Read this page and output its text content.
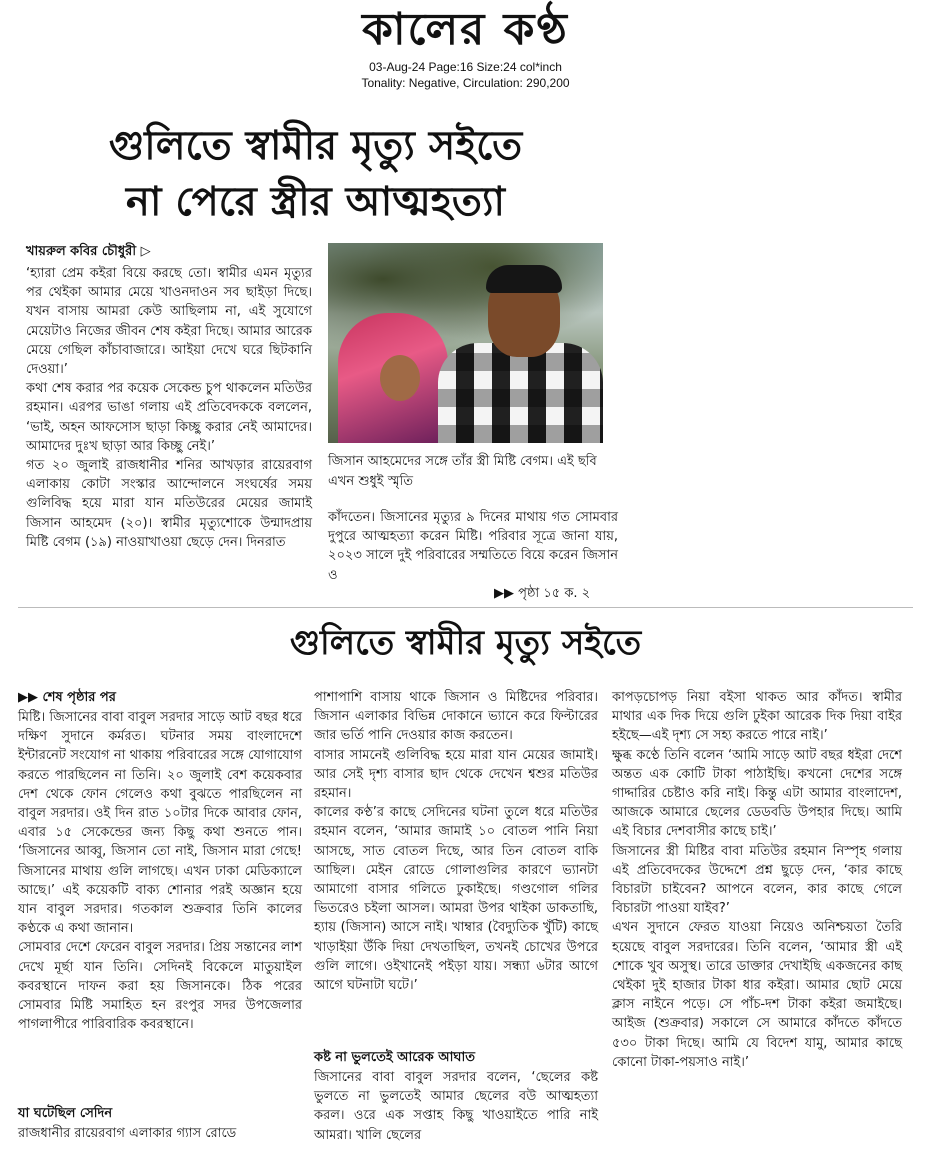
কালের কণ্ঠ
03-Aug-24 Page:16 Size:24 col*inch
Tonality: Negative, Circulation: 290,200
গুলিতে স্বামীর মৃত্যু সইতে
না পেরে স্ত্রীর আত্মহত্যা
খায়রুল কবির চৌধুরী ▷

‘হ্যারা প্রেম কইরা বিয়ে করছে তো। স্বামীর এমন মৃত্যুর পর থেইকা আমার মেয়ে খাওনদাওন সব ছাইড়া দিছে। যখন বাসায় আমরা কেউ আছিলাম না, এই সুযোগে মেয়েটাও নিজের জীবন শেষ কইরা দিছে। আমার আরেক মেয়ে গেছিল কাঁচাবাজারে। আইয়া দেখে ঘরে ছিটকানি দেওয়া।’

কথা শেষ করার পর কয়েক সেকেন্ড চুপ থাকলেন মতিউর রহমান। এরপর ভাঙা গলায় এই প্রতিবেদককে বললেন, ‘ভাই, অহন আফসোস ছাড়া কিচ্ছু করার নেই আমাদের। আমাদের দুঃখ ছাড়া আর কিচ্ছু নেই।’

গত ২০ জুলাই রাজধানীর শনির আখড়ার রায়েরবাগ এলাকায় কোটা সংস্কার আন্দোলনে সংঘর্ষের সময় গুলিবিদ্ধ হয়ে মারা যান মতিউরের মেয়ের জামাই জিসান আহমেদ (২০)। স্বামীর মৃত্যুশোকে উন্মাদপ্রায় মিষ্টি বেগম (১৯) নাওয়াখাওয়া ছেড়ে দেন। দিনরাত

জিসান আহমেদের সঙ্গে তাঁর স্ত্রী মিষ্টি বেগম। এই ছবি এখন শুধুই স্মৃতি
কাঁদতেন। জিসানের মৃত্যুর ৯ দিনের মাথায় গত সোমবার দুপুরে আত্মহত্যা করেন মিষ্টি। পরিবার সূত্রে জানা যায়, ২০২৩ সালে দুই পরিবারের সম্মতিতে বিয়ে করেন জিসান ও
▶▶ পৃষ্ঠা ১৫ ক. ২
গুলিতে স্বামীর মৃত্যু সইতে
▶▶ শেষ পৃষ্ঠার পর

মিষ্টি। জিসানের বাবা বাবুল সরদার সাড়ে আট বছর ধরে দক্ষিণ সুদানে কর্মরত। ঘটনার সময় বাংলাদেশে ইন্টারনেট সংযোগ না থাকায় পরিবারের সঙ্গে যোগাযোগ করতে পারছিলেন না তিনি। ২০ জুলাই বেশ কয়েকবার দেশ থেকে ফোন গেলেও কথা বুঝতে পারছিলেন না বাবুল সরদার। ওই দিন রাত ১০টার দিকে আবার ফোন, এবার ১৫ সেকেন্ডের জন্য কিছু কথা শুনতে পান। ‘জিসানের আব্বু, জিসান তো নাই, জিসান মারা গেছে! জিসানের মাথায় গুলি লাগছে। এখন ঢাকা মেডিক্যালে আছে।’ এই কয়েকটি বাক্য শোনার পরই অজ্ঞান হয়ে যান বাবুল সরদার। গতকাল শুক্রবার তিনি কালের কণ্ঠকে এ কথা জানান।

সোমবার দেশে ফেরেন বাবুল সরদার। প্রিয় সন্তানের লাশ দেখে মূর্ছা যান তিনি। সেদিনই বিকেলে মাতুয়াইল কবরস্থানে দাফন করা হয় জিসানকে। ঠিক পরের সোমবার মিষ্টি সমাহিত হন রংপুর সদর উপজেলার পাগলাপীরে পারিবারিক কবরস্থানে।

যা ঘটেছিল সেদিন
রাজধানীর রায়েরবাগ এলাকার গ্যাস রোডে

পাশাপাশি বাসায় থাকে জিসান ও মিষ্টিদের পরিবার। জিসান এলাকার বিভিন্ন দোকানে ভ্যানে করে ফিল্টারের জার ভর্তি পানি দেওয়ার কাজ করতেন।

বাসার সামনেই গুলিবিদ্ধ হয়ে মারা যান মেয়ের জামাই। আর সেই দৃশ্য বাসার ছাদ থেকে দেখেন শ্বশুর মতিউর রহমান।

কালের কণ্ঠ’র কাছে সেদিনের ঘটনা তুলে ধরে মতিউর রহমান বলেন, ‘আমার জামাই ১০ বোতল পানি নিয়া আসছে, সাত বোতল দিছে, আর তিন বোতল বাকি আছিল। মেইন রোডে গোলাগুলির কারণে ভ্যানটা আমাগো বাসার গলিতে ঢুকাইছে। গণ্ডগোল গলির ভিতরেও চইলা আসল। আমরা উপর থাইকা ডাকতাছি, হ্যায় (জিসান) আসে নাই। খাম্বার (বৈদ্যুতিক খুঁটি) কাছে খাড়াইয়া উঁকি দিয়া দেখতাছিল, তখনই চোখের উপরে গুলি লাগে। ওইখানেই পইড়া যায়। সন্ধ্যা ৬টার আগে আগে ঘটনাটা ঘটে।’

কষ্ট না ভুলতেই আরেক আঘাত
জিসানের বাবা বাবুল সরদার বলেন, ‘ছেলের কষ্ট ভুলতে না ভুলতেই আমার ছেলের বউ আত্মহত্যা করল। ওরে এক সপ্তাহ কিছু খাওয়াইতে পারি নাই আমরা। খালি ছেলের

কাপড়চোপড় নিয়া বইসা থাকত আর কাঁদত। স্বামীর মাথার এক দিক দিয়ে গুলি ঢুইকা আরেক দিক দিয়া বাইর হইছে—এই দৃশ্য সে সহ্য করতে পারে নাই।’

ক্ষুব্ধ কণ্ঠে তিনি বলেন ‘আমি সাড়ে আট বছর ধইরা দেশে অন্তত এক কোটি টাকা পাঠাইছি। কখনো দেশের সঙ্গে গাদ্দারির চেষ্টাও করি নাই। কিন্তু এটা আমার বাংলাদেশ, আজকে আমারে ছেলের ডেডবডি উপহার দিছে। আমি এই বিচার দেশবাসীর কাছে চাই।’

জিসানের স্ত্রী মিষ্টির বাবা মতিউর রহমান নিস্পৃহ গলায় এই প্রতিবেদকের উদ্দেশে প্রশ্ন ছুড়ে দেন, ‘কার কাছে বিচারটা চাইবেন? আপনে বলেন, কার কাছে গেলে বিচারটা পাওয়া যাইব?’

এখন সুদানে ফেরত যাওয়া নিয়েও অনিশ্চয়তা তৈরি হয়েছে বাবুল সরদারের। তিনি বলেন, ‘আমার স্ত্রী এই শোকে খুব অসুস্থ। তারে ডাক্তার দেখাইছি একজনের কাছ থেইকা দুই হাজার টাকা ধার কইরা। আমার ছোট মেয়ে ক্লাস নাইনে পড়ে। সে পাঁচ-দশ টাকা কইরা জমাইছে। আইজ (শুক্রবার) সকালে সে আমারে কাঁদতে কাঁদতে ৫৩০ টাকা দিছে। আমি যে বিদেশ যামু, আমার কাছে কোনো টাকা-পয়সাও নাই।’
